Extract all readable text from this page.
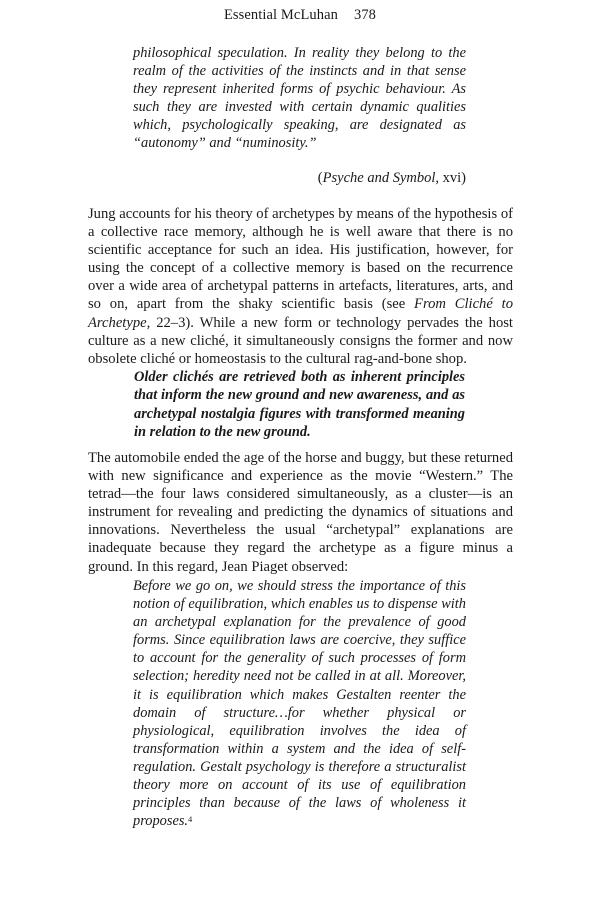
Essential McLuhan 378

philosophical speculation. In reality they belong to the realm of the activities of the instincts and in that sense they represent inherited forms of psychic behaviour. As such they are invested with certain dynamic qualities which, psychologically speaking, are designated as “autonomy” and “numinosity.”

(Psyche and Symbol, xvi)

Jung accounts for his theory of archetypes by means of the hypothesis of a collective race memory, although he is well aware that there is no scientific acceptance for such an idea. His justification, however, for using the concept of a collective memory is based on the recurrence over a wide area of archetypal patterns in artefacts, literatures, arts, and so on, apart from the shaky scientific basis (see From Cliché to Archetype, 22–3). While a new form or technology pervades the host culture as a new cliché, it simultaneously consigns the former and now obsolete cliché or homeostasis to the cultural rag-and-bone shop.

Older clichés are retrieved both as inherent principles that inform the new ground and new awareness, and as archetypal nostalgia figures with transformed meaning in relation to the new ground.

The automobile ended the age of the horse and buggy, but these returned with new significance and experience as the movie “Western.” The tetrad—the four laws considered simultaneously, as a cluster—is an instrument for revealing and predicting the dynamics of situations and innovations. Nevertheless the usual “archetypal” explanations are inadequate because they regard the archetype as a figure minus a ground. In this regard, Jean Piaget observed:

Before we go on, we should stress the importance of this notion of equilibration, which enables us to dispense with an archetypal explanation for the prevalence of good forms. Since equilibration laws are coercive, they suffice to account for the generality of such processes of form selection; heredity need not be called in at all. Moreover, it is equilibration which makes Gestalten reenter the domain of structure…for whether physical or physiological, equilibration involves the idea of transformation within a system and the idea of self-regulation. Gestalt psychology is therefore a structuralist theory more on account of its use of equilibration principles than because of the laws of wholeness it proposes.$^4$
